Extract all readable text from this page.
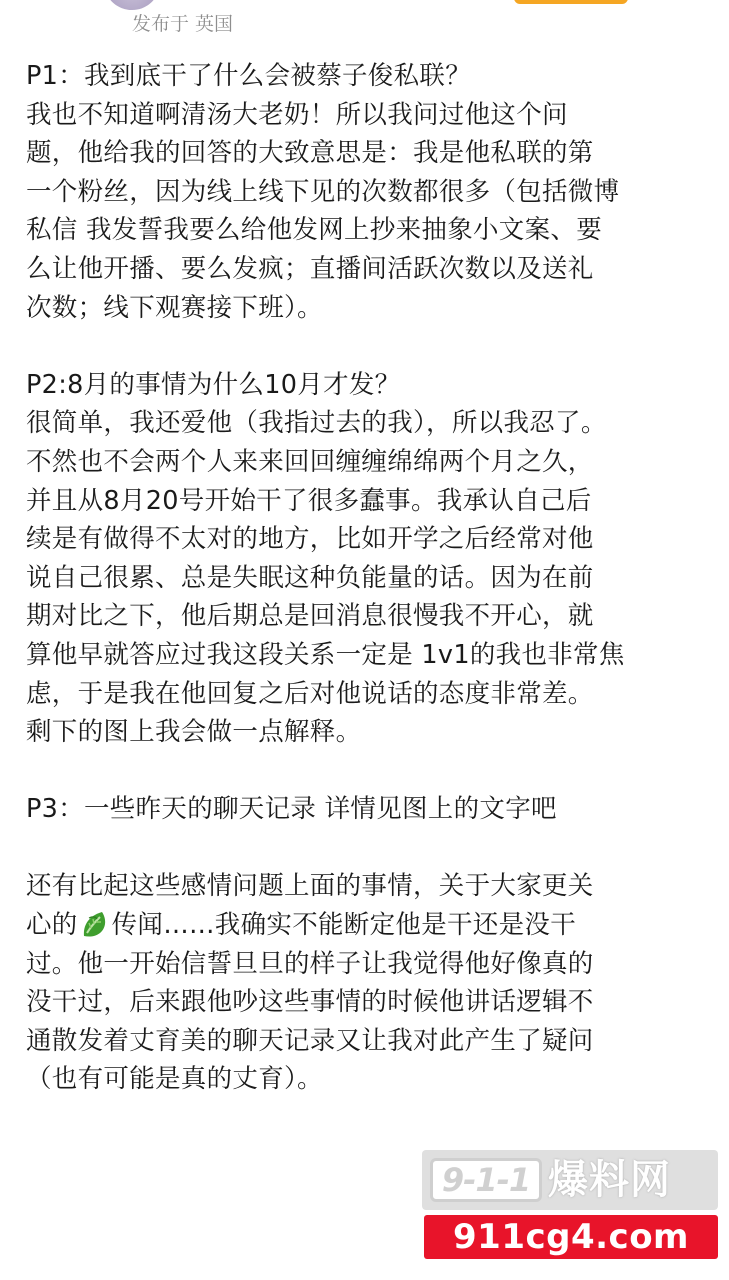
发布于 英国

P1：我到底干了什么会被蔡子俊私联？

我也不知道啊清汤大老奶！所以我问过他这个问

题，他给我的回答的大致意思是：我是他私联的第

一个粉丝，因为线上线下见的次数都很多（包括微博

私信 我发誓我要么给他发网上抄来抽象小文案、要

么让他开播、要么发疯；直播间活跃次数以及送礼

次数；线下观赛接下班）。

P2:8月的事情为什么10月才发？

很简单，我还爱他（我指过去的我），所以我忍了。

不然也不会两个人来来回回缠缠绵绵两个月之久，

并且从8月20号开始干了很多蠢事。我承认自己后

续是有做得不太对的地方，比如开学之后经常对他

说自己很累、总是失眠这种负能量的话。因为在前

期对比之下，他后期总是回消息很慢我不开心，就

算他早就答应过我这段关系一定是 1v1的我也非常焦

虑，于是我在他回复之后对他说话的态度非常差。

剩下的图上我会做一点解释。

P3：一些昨天的聊天记录 详情见图上的文字吧

还有比起这些感情问题上面的事情，关于大家更关

心的 传闻……我确实不能断定他是干还是没干

过。他一开始信誓旦旦的样子让我觉得他好像真的

没干过，后来跟他吵这些事情的时候他讲话逻辑不

通散发着丈育美的聊天记录又让我对此产生了疑问

（也有可能是真的丈育）。

9-1-1 爆料网
911cg4.com
